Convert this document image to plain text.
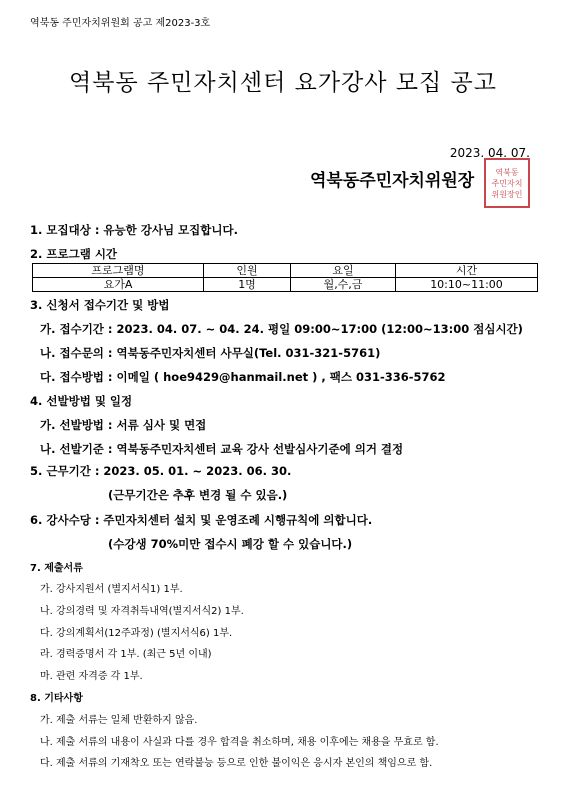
역북동 주민자치위원회 공고 제2023-3호
역북동 주민자치센터 요가강사 모집 공고
2023. 04. 07.
역북동주민자치위원장	역북동
주민자치
위원장인
1. 모집대상 : 유능한 강사님 모집합니다.
2. 프로그램 시간
프로그램명	인원	요일	시간
요가A	1명	월,수,금	10:10~11:00
3. 신청서 접수기간 및 방법
가. 접수기간 : 2023. 04. 07. ~ 04. 24. 평일 09:00~17:00 (12:00~13:00 점심시간)
나. 접수문의 : 역북동주민자치센터 사무실(Tel. 031-321-5761)
다. 접수방법 : 이메일 ( hoe9429@hanmail.net ) , 팩스 031-336-5762
4. 선발방법 및 일정
가. 선발방법 : 서류 심사 및 면접
나. 선발기준 : 역북동주민자치센터 교육 강사 선발심사기준에 의거 결정
5. 근무기간 : 2023. 05. 01. ~ 2023. 06. 30.
(근무기간은 추후 변경 될 수 있음.)
6. 강사수당 : 주민자치센터 설치 및 운영조례 시행규칙에 의합니다.
(수강생 70%미만 접수시 폐강 할 수 있습니다.)
7. 제출서류
가. 강사지원서 (별지서식1) 1부.
나. 강의경력 및 자격취득내역(별지서식2) 1부.
다. 강의계획서(12주과정) (별지서식6) 1부.
라. 경력증명서 각 1부. (최근 5년 이내)
마. 관련 자격증 각 1부.
8. 기타사항
가. 제출 서류는 일체 반환하지 않음.
나. 제출 서류의 내용이 사실과 다를 경우 합격을 취소하며, 채용 이후에는 채용을 무효로 함.
다. 제출 서류의 기재착오 또는 연락불능 등으로 인한 불이익은 응시자 본인의 책임으로 함.
